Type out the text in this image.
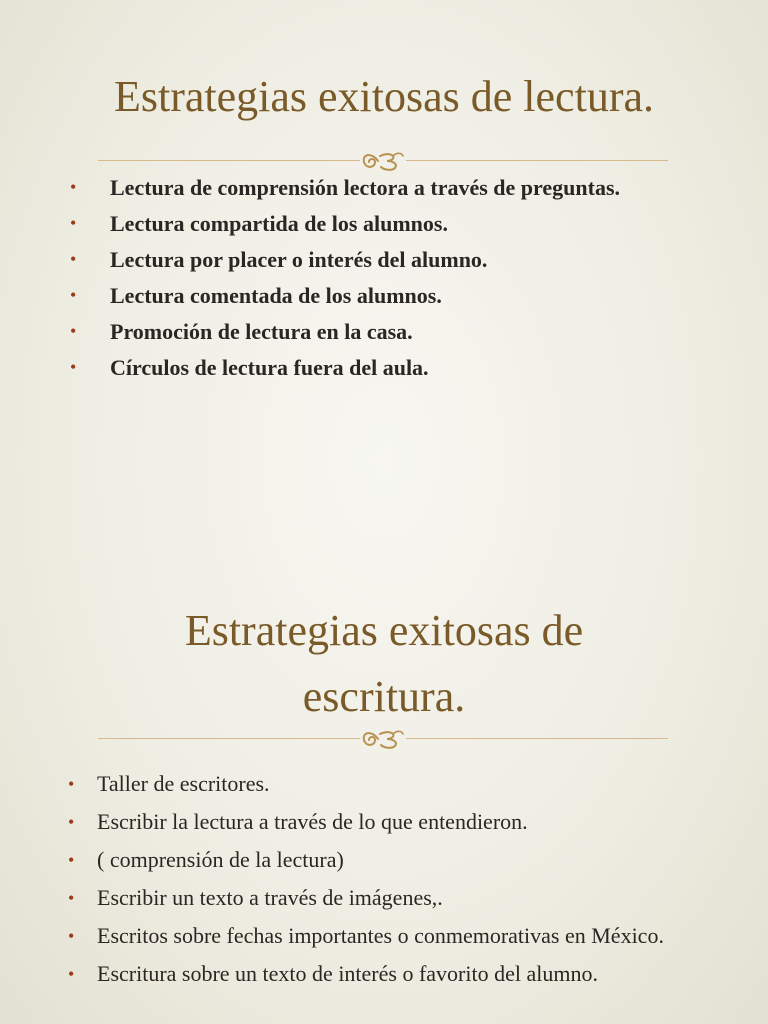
Estrategias exitosas de lectura.
• Lectura de comprensión lectora a través de preguntas.
• Lectura compartida de los alumnos.
• Lectura por placer o interés del alumno.
• Lectura comentada de los alumnos.
• Promoción de lectura en la casa.
• Círculos de lectura fuera del aula.
Estrategias exitosas de
escritura.
• Taller de escritores.
• Escribir la lectura a través de lo que entendieron.
• ( comprensión de la lectura)
• Escribir un texto a través de imágenes,.
• Escritos sobre fechas importantes o conmemorativas en México.
• Escritura sobre un texto de interés o favorito del alumno.
